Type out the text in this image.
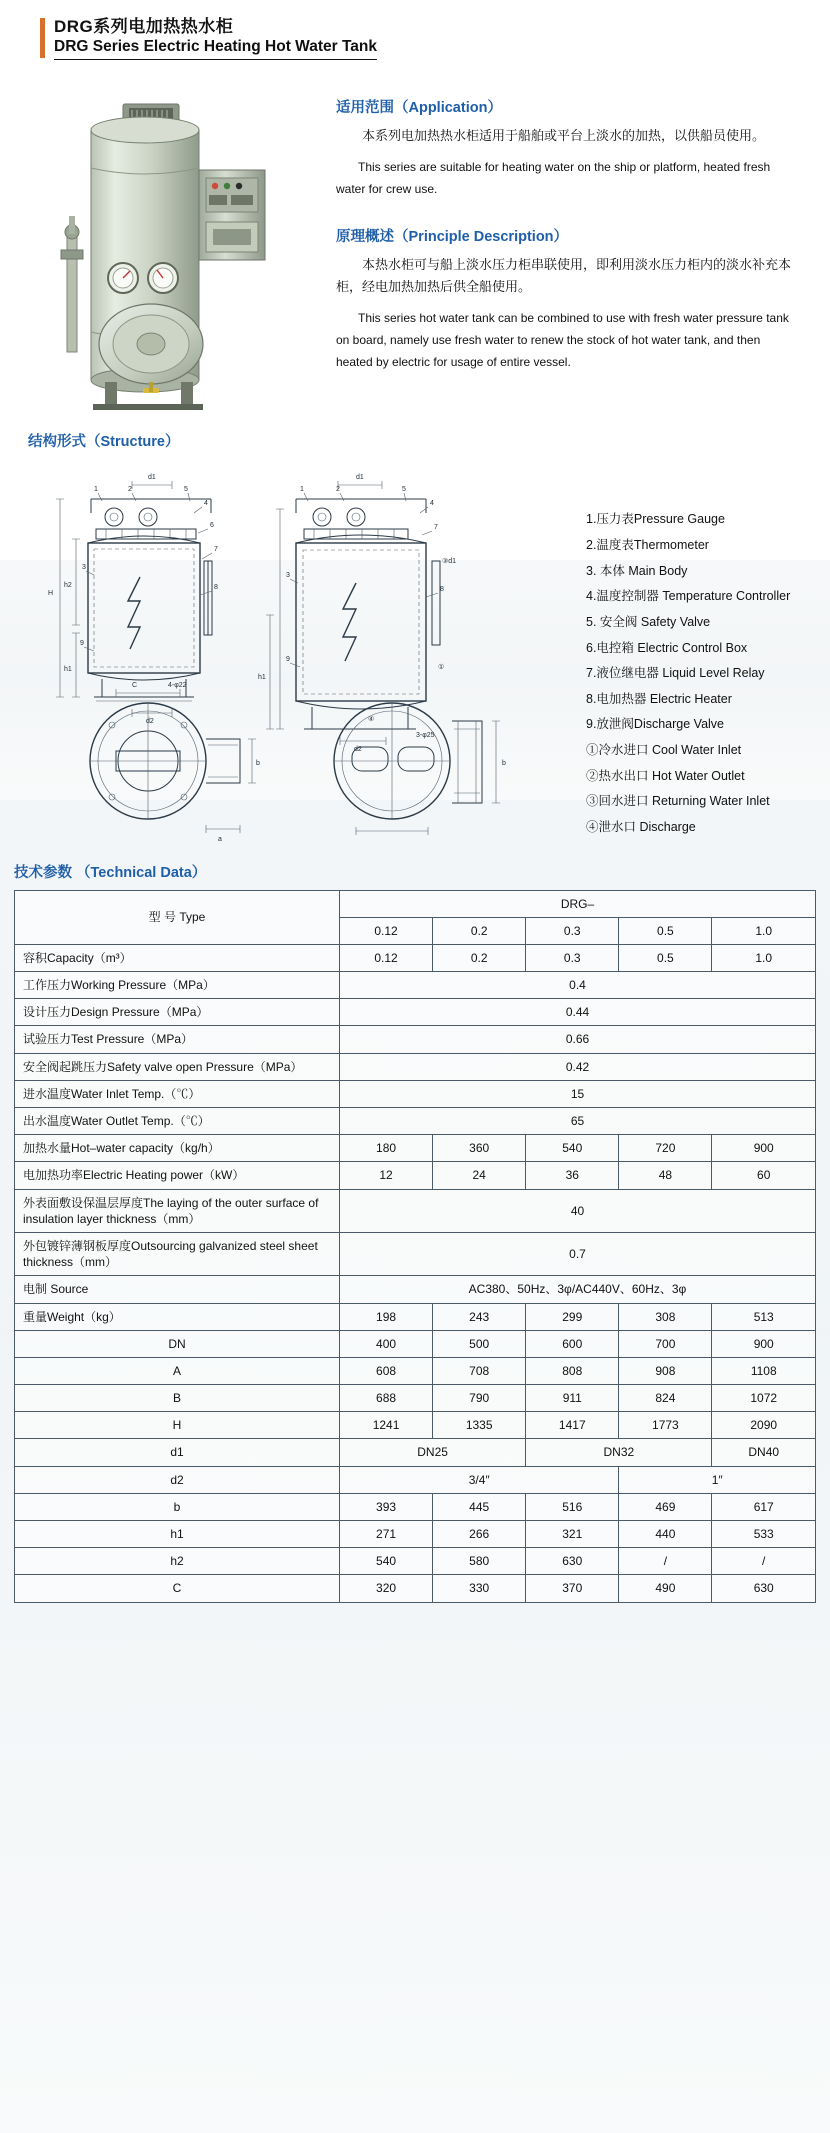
DRG系列电加热热水柜
DRG Series Electric Heating Hot Water Tank
适用范围（Application）

本系列电加热热水柜适用于船舶或平台上淡水的加热，以供船员使用。

This series are suitable for heating water on the ship or platform, heated fresh water for crew use.

原理概述（Principle Description）

本热水柜可与船上淡水压力柜串联使用，即利用淡水压力柜内的淡水补充本柜，经电加热加热后供全船使用。

This series hot water tank can be combined to use with fresh water pressure tank on board, namely use fresh water to renew the stock of hot water tank, and then heated by electric for usage of entire vessel.

结构形式（Structure）
H
h2
h1
d1
d2
1	2	5
4
6
7
3
8
9
h1
d1
③d1
d2
3-φ25
1	2	5
4
7
8
3
9
①
④
C	4-φ22
b
a
b
1.压力表Pressure Gauge
2.温度表Thermometer
3. 本体 Main Body
4.温度控制器 Temperature Controller
5. 安全阀 Safety Valve
6.电控箱 Electric Control Box
7.液位继电器 Liquid Level Relay
8.电加热器 Electric Heater
9.放泄阀Discharge Valve
①冷水进口 Cool Water Inlet
②热水出口 Hot Water Outlet
③回水进口 Returning Water Inlet
④泄水口 Discharge
技术参数 （Technical Data）
型 号 Type	DRG–				
	0.12	0.2	0.3	0.5	1.0
容积Capacity（m³）	0.12	0.2	0.3	0.5	1.0
工作压力Working Pressure（MPa）	0.4				
设计压力Design Pressure（MPa）	0.44				
试验压力Test Pressure（MPa）	0.66				
安全阀起跳压力Safety valve open Pressure（MPa）	0.42				
进水温度Water Inlet Temp.（℃）	15				
出水温度Water Outlet Temp.（℃）	65				
加热水量Hot–water capacity（kg/h）	180	360	540	720	900
电加热功率Electric Heating power（kW）	12	24	36	48	60
外表面敷设保温层厚度The laying of the outer surface of insulation layer thickness（mm）	40				
外包镀锌薄钢板厚度Outsourcing galvanized steel sheet thickness（mm）	0.7				
电制 Source	AC380、50Hz、3φ/AC440V、60Hz、3φ				
重量Weight（kg）	198	243	299	308	513
DN	400	500	600	700	900
A	608	708	808	908	1108
B	688	790	911	824	1072
H	1241	1335	1417	1773	2090
d1	DN25		DN32		DN40
d2	3/4″			1″	
b	393	445	516	469	617
h1	271	266	321	440	533
h2	540	580	630	/	/
C	320	330	370	490	630
